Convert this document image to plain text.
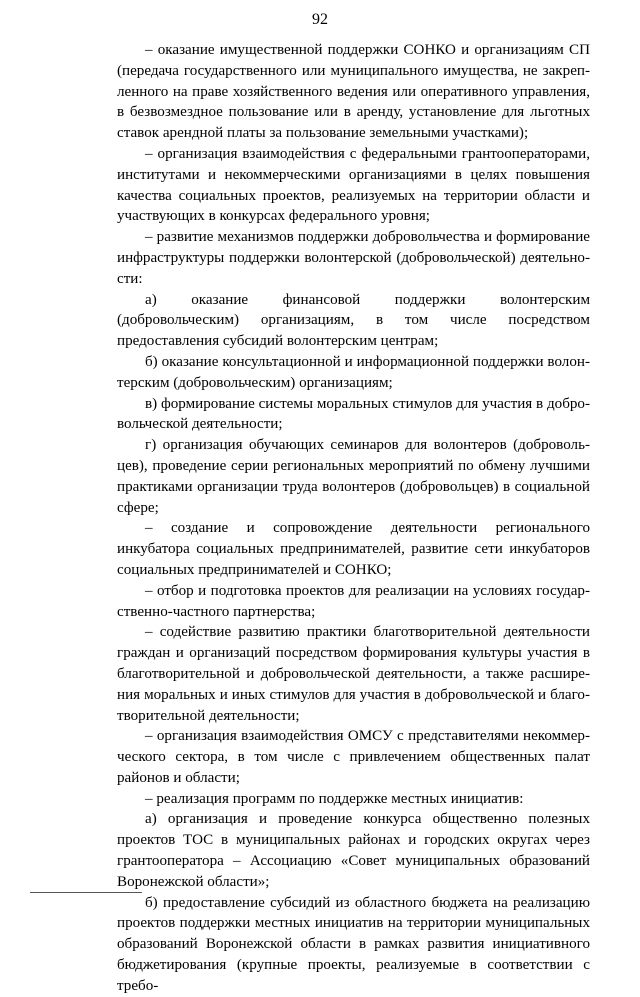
92

– оказание имущественной поддержки СОНКО и организациям СП (передача государственного или муниципального имущества, не закрепленного на праве хозяйственного ведения или оперативного управления, в безвозмездное пользование или в аренду, установление для льготных ставок арендной платы за пользование земельными участками);

– организация взаимодействия с федеральными грантооператорами, институтами и некоммерческими организациями в целях повышения качества социальных проектов, реализуемых на территории области и участвующих в конкурсах федерального уровня;

– развитие механизмов поддержки добровольчества и формирование инфраструктуры поддержки волонтерской (добровольческой) деятельности:

а) оказание финансовой поддержки волонтерским (добровольческим) организациям, в том числе посредством предоставления субсидий волонтерским центрам;

б) оказание консультационной и информационной поддержки волонтерским (добровольческим) организациям;

в) формирование системы моральных стимулов для участия в добровольческой деятельности;

г) организация обучающих семинаров для волонтеров (добровольцев), проведение серии региональных мероприятий по обмену лучшими практиками организации труда волонтеров (добровольцев) в социальной сфере;

– создание и сопровождение деятельности регионального инкубатора социальных предпринимателей, развитие сети инкубаторов социальных предпринимателей и СОНКО;

– отбор и подготовка проектов для реализации на условиях государственно-частного партнерства;

– содействие развитию практики благотворительной деятельности граждан и организаций посредством формирования культуры участия в благотворительной и добровольческой деятельности, а также расширения моральных и иных стимулов для участия в добровольческой и благотворительной деятельности;

– организация взаимодействия ОМСУ с представителями некоммерческого сектора, в том числе с привлечением общественных палат районов и области;

– реализация программ по поддержке местных инициатив:

а) организация и проведение конкурса общественно полезных проектов ТОС в муниципальных районах и городских округах через грантооператора – Ассоциацию «Совет муниципальных образований Воронежской области»;

б) предоставление субсидий из областного бюджета на реализацию проектов поддержки местных инициатив на территории муниципальных образований Воронежской области в рамках развития инициативного бюджетирования (крупные проекты, реализуемые в соответствии с требо-
